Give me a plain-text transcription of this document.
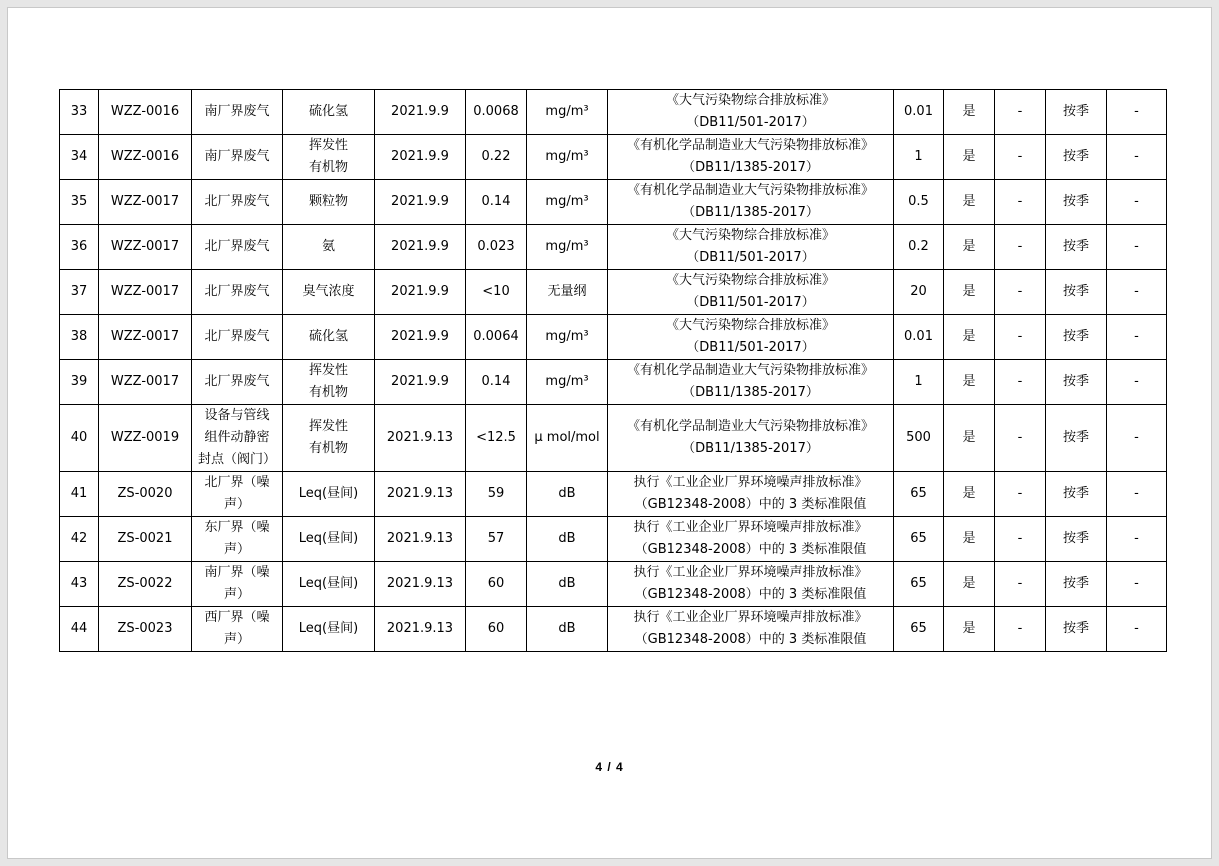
33	WZZ-0016	南厂界废气	硫化氢	2021.9.9	0.0068	mg/m³	《大气污染物综合排放标准》
（DB11/501-2017）	0.01	是	-	按季	-

34	WZZ-0016	南厂界废气	挥发性
有机物	2021.9.9	0.22	mg/m³	《有机化学品制造业大气污染物排放标准》
（DB11/1385-2017）	1	是	-	按季	-

35	WZZ-0017	北厂界废气	颗粒物	2021.9.9	0.14	mg/m³	《有机化学品制造业大气污染物排放标准》
（DB11/1385-2017）	0.5	是	-	按季	-

36	WZZ-0017	北厂界废气	氨	2021.9.9	0.023	mg/m³	《大气污染物综合排放标准》
（DB11/501-2017）	0.2	是	-	按季	-

37	WZZ-0017	北厂界废气	臭气浓度	2021.9.9	<10	无量纲	《大气污染物综合排放标准》
（DB11/501-2017）	20	是	-	按季	-

38	WZZ-0017	北厂界废气	硫化氢	2021.9.9	0.0064	mg/m³	《大气污染物综合排放标准》
（DB11/501-2017）	0.01	是	-	按季	-

39	WZZ-0017	北厂界废气	挥发性
有机物	2021.9.9	0.14	mg/m³	《有机化学品制造业大气污染物排放标准》
（DB11/1385-2017）	1	是	-	按季	-

40	WZZ-0019	设备与管线
组件动静密
封点（阀门）	挥发性
有机物	2021.9.13	<12.5	μ mol/mol	《有机化学品制造业大气污染物排放标准》
（DB11/1385-2017）	500	是	-	按季	-

41	ZS-0020	北厂界（噪
声）	Leq(昼间)	2021.9.13	59	dB	执行《工业企业厂界环境噪声排放标准》
（GB12348-2008）中的 3 类标准限值	65	是	-	按季	-

42	ZS-0021	东厂界（噪
声）	Leq(昼间)	2021.9.13	57	dB	执行《工业企业厂界环境噪声排放标准》
（GB12348-2008）中的 3 类标准限值	65	是	-	按季	-

43	ZS-0022	南厂界（噪
声）	Leq(昼间)	2021.9.13	60	dB	执行《工业企业厂界环境噪声排放标准》
（GB12348-2008）中的 3 类标准限值	65	是	-	按季	-

44	ZS-0023	西厂界（噪
声）	Leq(昼间)	2021.9.13	60	dB	执行《工业企业厂界环境噪声排放标准》
（GB12348-2008）中的 3 类标准限值	65	是	-	按季	-
4 / 4
